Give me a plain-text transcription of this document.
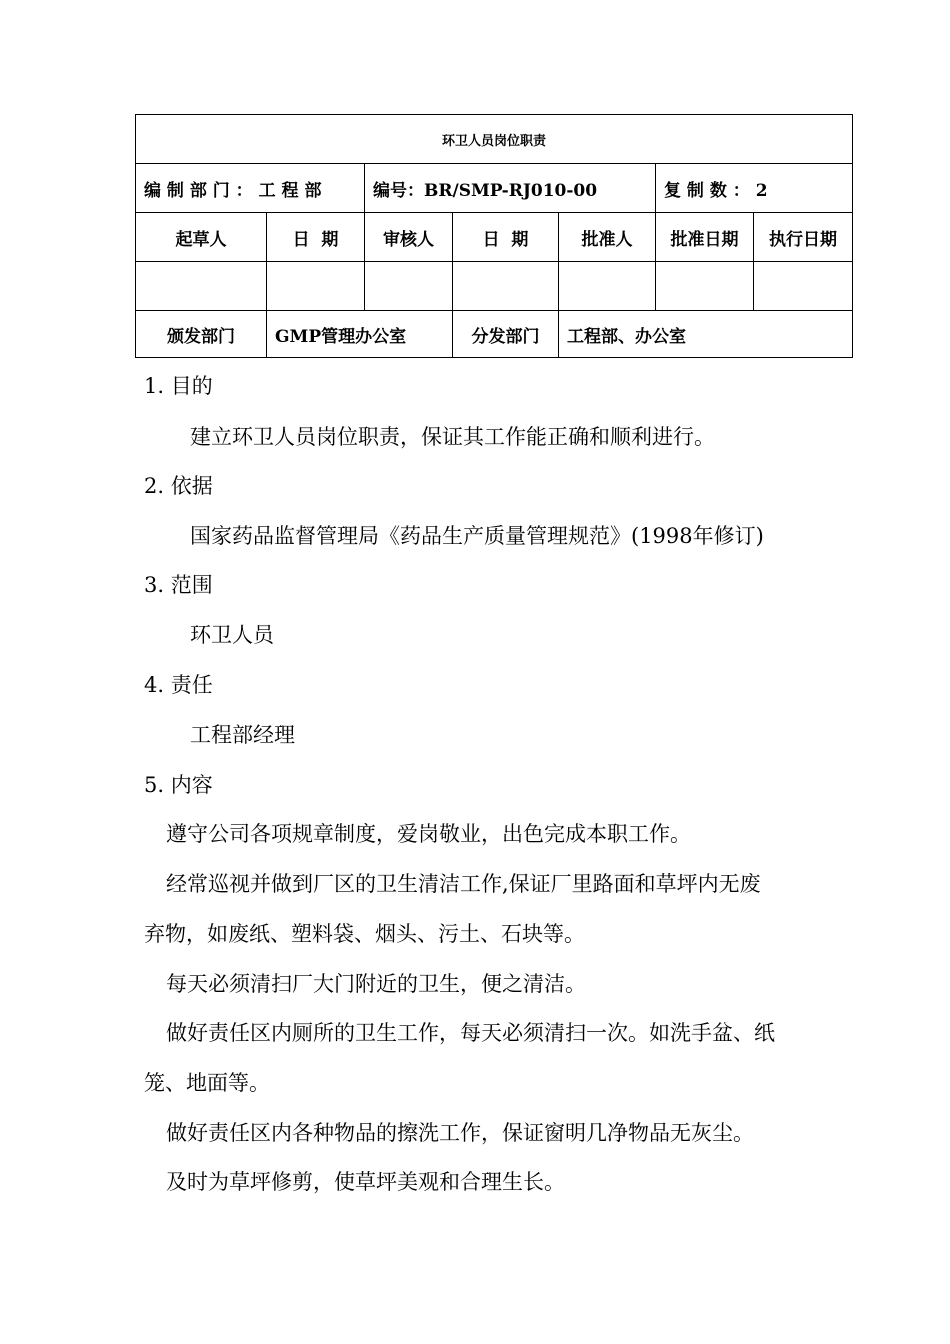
环卫人员岗位职责						
编 制 部 门 ： 工 程 部		编号：BR/SMP-RJ010-00			复 制 数 ： 2	
起草人	日  期	审核人	日  期	批准人	批准日期	执行日期

颁发部门	GMP管理办公室		分发部门	工程部、办公室		
1. 目的
建立环卫人员岗位职责，保证其工作能正确和顺利进行。
2. 依据
国家药品监督管理局《药品生产质量管理规范》(1998年修订)
3. 范围
环卫人员
4. 责任
工程部经理
5. 内容
遵守公司各项规章制度，爱岗敬业，出色完成本职工作。
经常巡视并做到厂区的卫生清洁工作,保证厂里路面和草坪内无废
弃物，如废纸、塑料袋、烟头、污土、石块等。
每天必须清扫厂大门附近的卫生，便之清洁。
做好责任区内厕所的卫生工作，每天必须清扫一次。如洗手盆、纸
笼、地面等。
做好责任区内各种物品的擦洗工作，保证窗明几净物品无灰尘。
及时为草坪修剪，使草坪美观和合理生长。
